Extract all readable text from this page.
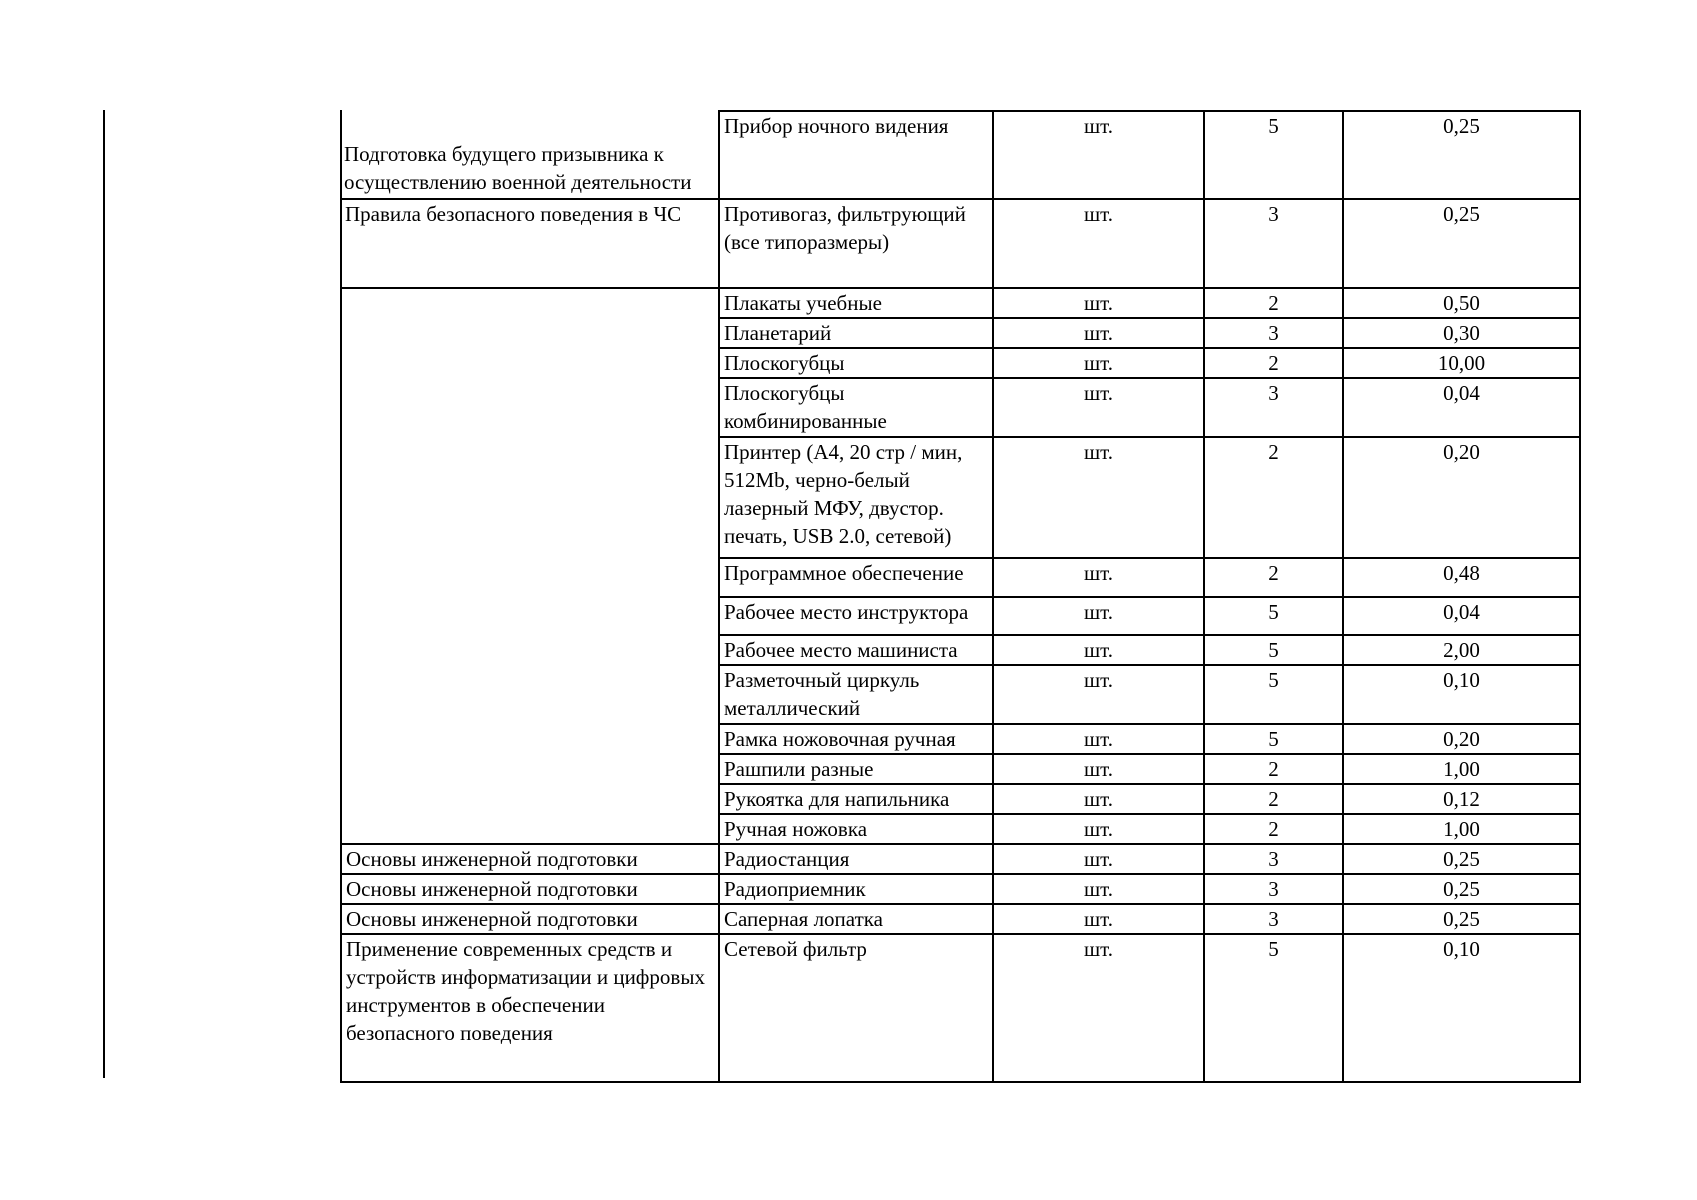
Подготовка будущего призывника к осуществлению военной деятельности	Прибор ночного видения	шт.	5	0,25
Правила безопасного поведения в ЧС	Противогаз, фильтрующий (все типоразмеры)	шт.	3	0,25
	Плакаты учебные	шт.	2	0,50
	Планетарий	шт.	3	0,30
	Плоскогубцы	шт.	2	10,00
	Плоскогубцы комбинированные	шт.	3	0,04
	Принтер (А4, 20 стр / мин, 512Mb, черно-белый лазерный МФУ, двустор. печать, USB 2.0, сетевой)	шт.	2	0,20
	Программное обеспечение	шт.	2	0,48
	Рабочее место инструктора	шт.	5	0,04
	Рабочее место машиниста	шт.	5	2,00
	Разметочный циркуль металлический	шт.	5	0,10
	Рамка ножовочная ручная	шт.	5	0,20
	Рашпили разные	шт.	2	1,00
	Рукоятка для напильника	шт.	2	0,12
	Ручная ножовка	шт.	2	1,00
Основы инженерной подготовки	Радиостанция	шт.	3	0,25
Основы инженерной подготовки	Радиоприемник	шт.	3	0,25
Основы инженерной подготовки	Саперная лопатка	шт.	3	0,25
Применение современных средств и устройств информатизации и цифровых инструментов в обеспечении безопасного поведения	Сетевой фильтр	шт.	5	0,10
